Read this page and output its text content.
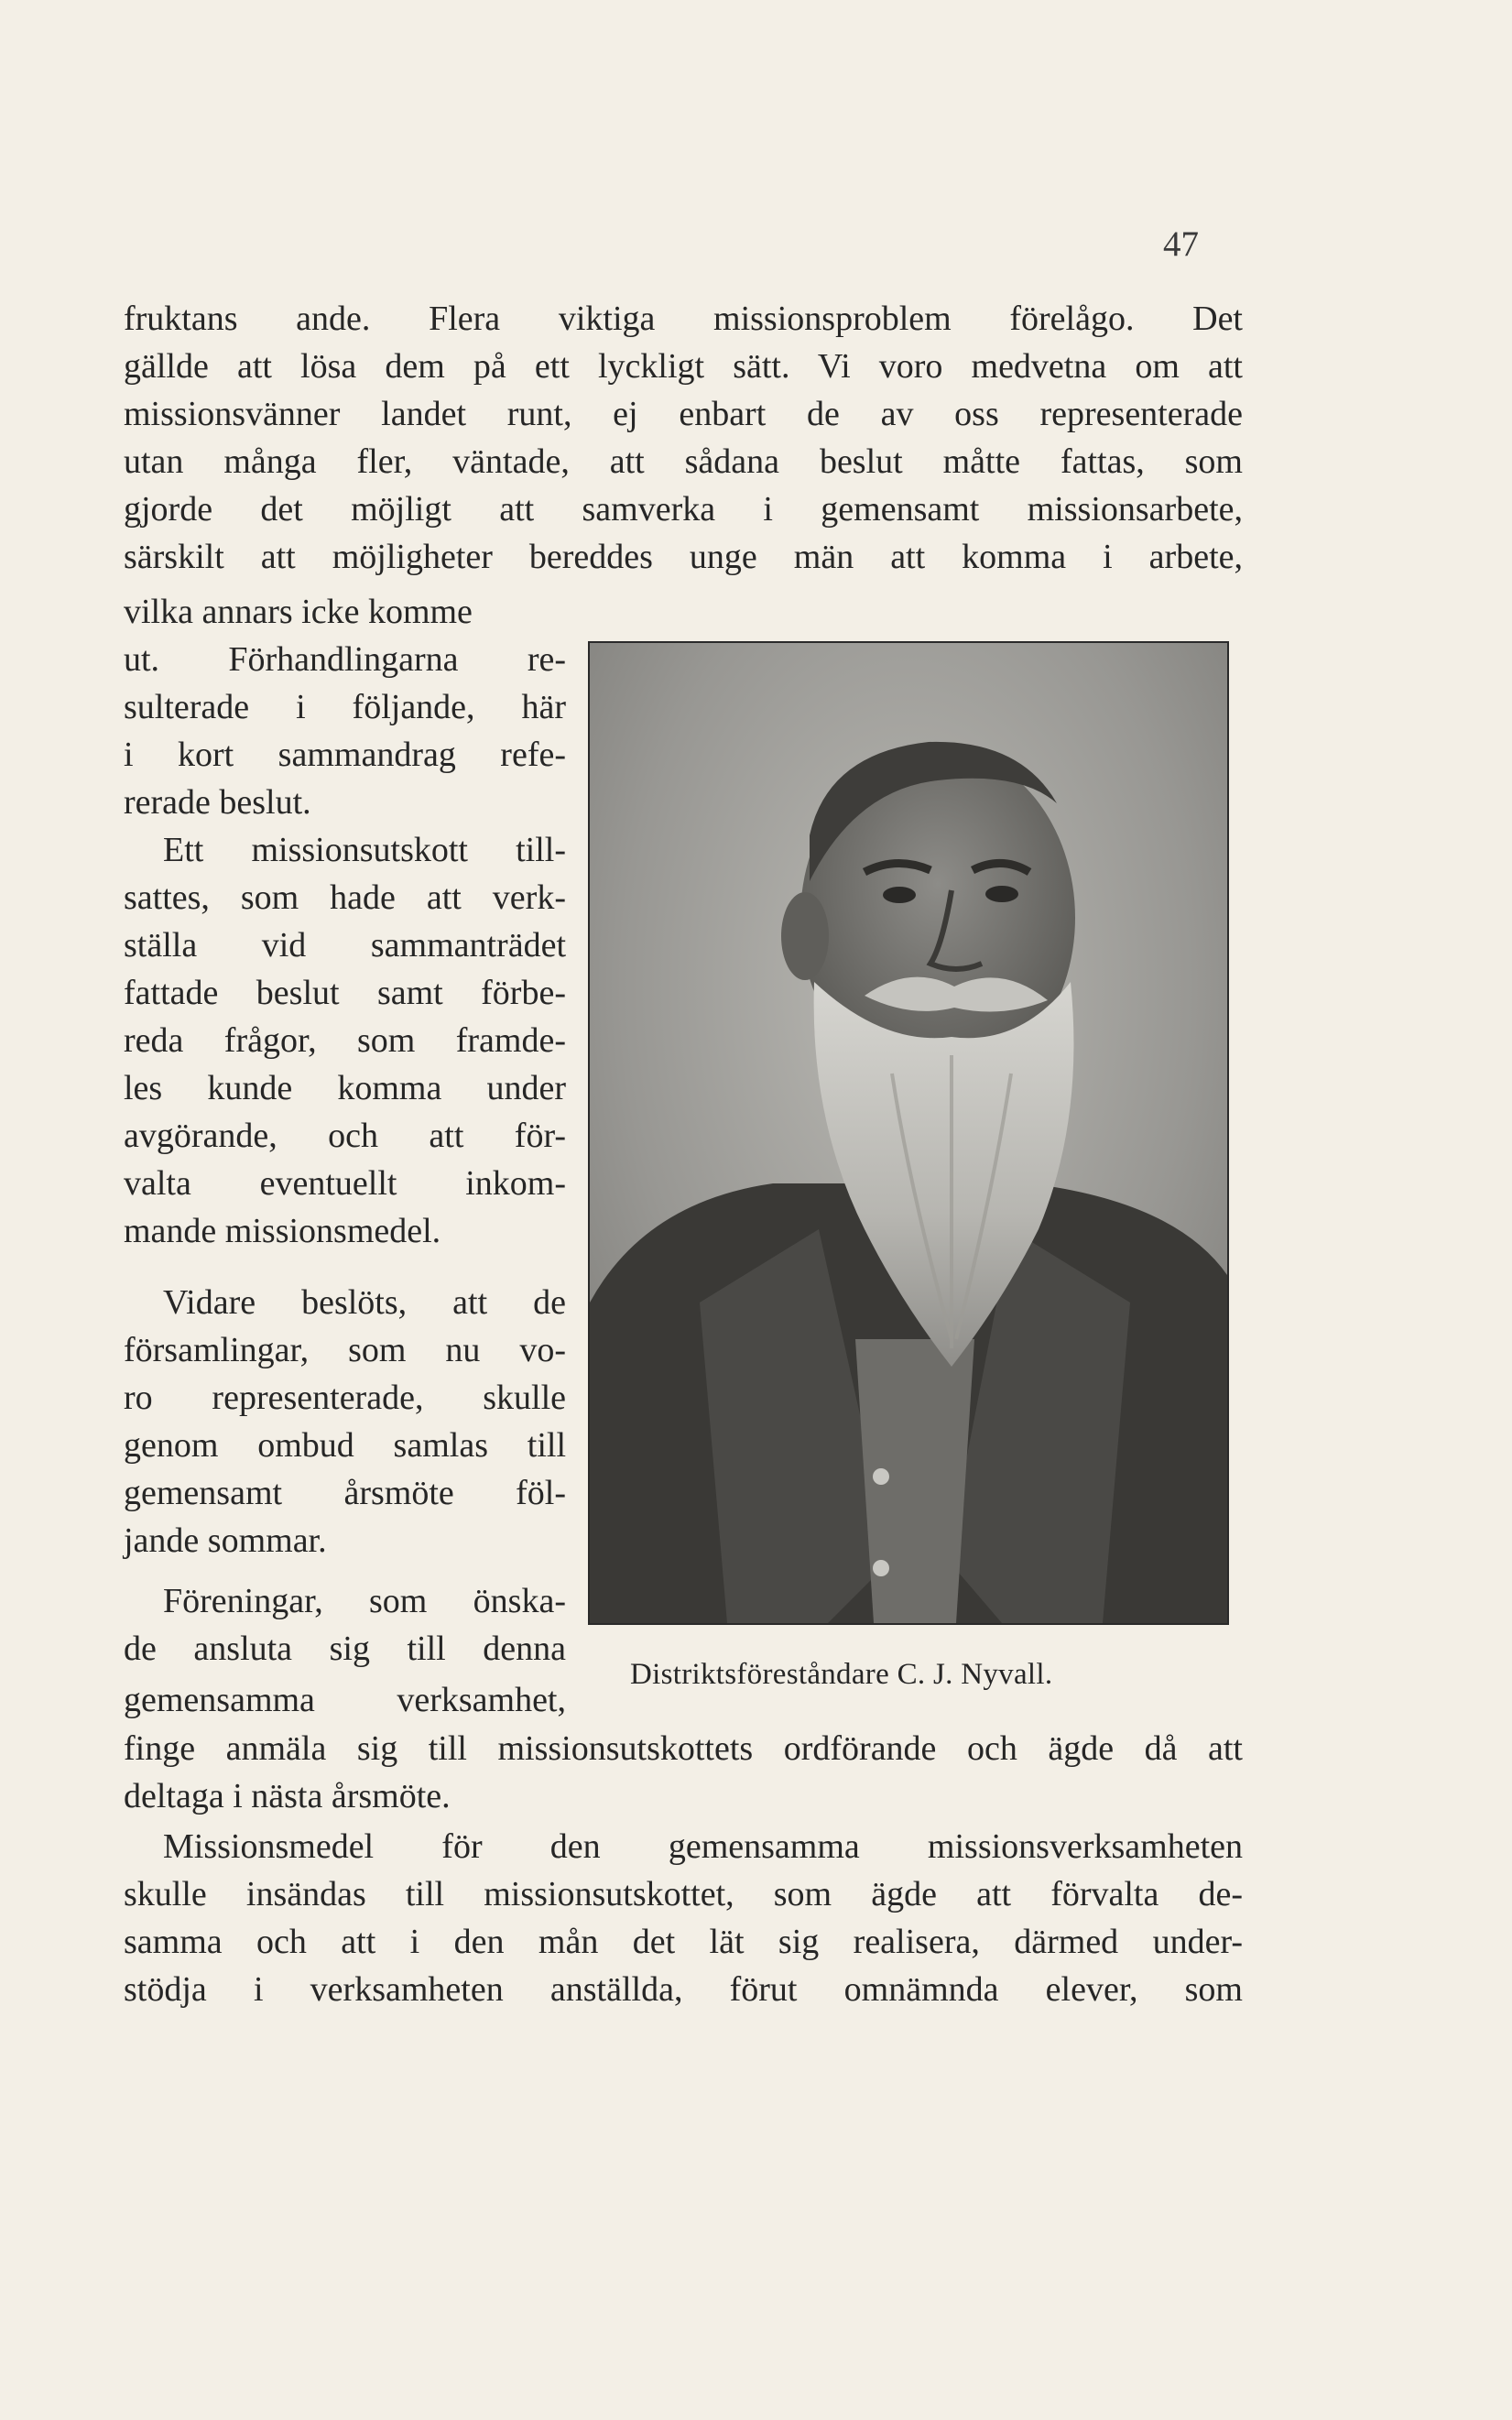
47
fruktans ande. Flera viktiga missionsproblem förelågo. Det
gällde att lösa dem på ett lyckligt sätt. Vi voro medvetna om att
missionsvänner landet runt, ej enbart de av oss representerade
utan många fler, väntade, att sådana beslut måtte fattas, som
gjorde det möjligt att samverka i gemensamt missionsarbete,
särskilt att möjligheter bereddes unge män att komma i arbete,
vilka annars icke komme
ut. Förhandlingarna re-
sulterade i följande, här
i kort sammandrag refe-
rerade beslut.
Ett missionsutskott till-
sattes, som hade att verk-
ställa vid sammanträdet
fattade beslut samt förbe-
reda frågor, som framde-
les kunde komma under
avgörande, och att för-
valta eventuellt inkom-
mande missionsmedel.
Vidare beslöts, att de
församlingar, som nu vo-
ro representerade, skulle
genom ombud samlas till
gemensamt årsmöte föl-
jande sommar.
Föreningar, som önska-
de ansluta sig till denna
gemensamma verksamhet,
Distriktsföreståndare C. J. Nyvall.
finge anmäla sig till missionsutskottets ordförande och ägde då att
deltaga i nästa årsmöte.
Missionsmedel för den gemensamma missionsverksamheten
skulle insändas till missionsutskottet, som ägde att förvalta de-
samma och att i den mån det lät sig realisera, därmed under-
stödja i verksamheten anställda, förut omnämnda elever, som
